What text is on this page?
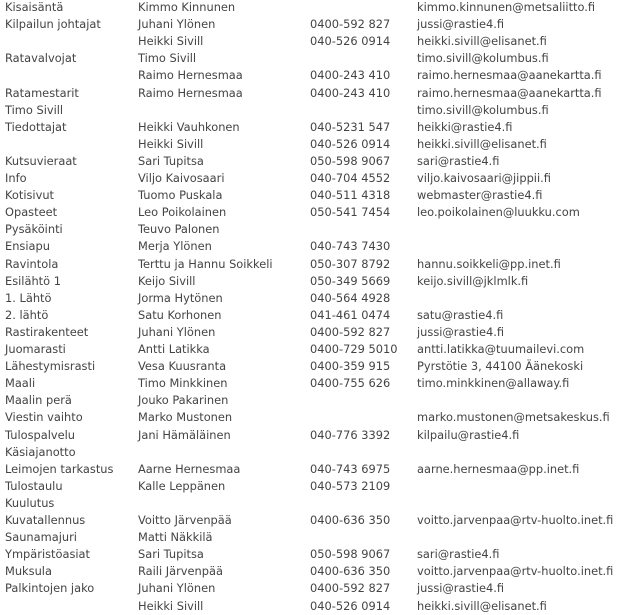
Kisaisäntä	Kimmo Kinnunen	kimmo.kinnunen@metsaliitto.fi
Kilpailun johtajat	Juhani Ylönen	0400-592 827 jussi@rastie4.fi
Heikki Sivill	040-526 0914 heikki.sivill@elisanet.fi
Ratavalvojat	Timo Sivill	timo.sivill@kolumbus.fi
Raimo Hernesmaa	0400-243 410 raimo.hernesmaa@aanekartta.fi
Ratamestarit	Raimo Hernesmaa	0400-243 410 raimo.hernesmaa@aanekartta.fi
Timo Sivill	timo.sivill@kolumbus.fi
Tiedottajat	Heikki Vauhkonen	040-5231 547 heikki@rastie4.fi
Heikki Sivill	040-526 0914 heikki.sivill@elisanet.fi
Kutsuvieraat	Sari Tupitsa	050-598 9067 sari@rastie4.fi
Info	Viljo Kaivosaari	040-704 4552 viljo.kaivosaari@jippii.fi
Kotisivut	Tuomo Puskala	040-511 4318 webmaster@rastie4.fi
Opasteet	Leo Poikolainen	050-541 7454 leo.poikolainen@luukku.com
Pysäköinti	Teuvo Palonen
Ensiapu	Merja Ylönen	040-743 7430
Ravintola	Terttu ja Hannu Soikkeli	050-307 8792 hannu.soikkeli@pp.inet.fi
Esilähtö 1	Keijo Sivill	050-349 5669 keijo.sivill@jklmlk.fi
1. Lähtö	Jorma Hytönen	040-564 4928
2. lähtö	Satu Korhonen	041-461 0474 satu@rastie4.fi
Rastirakenteet	Juhani Ylönen	0400-592 827 jussi@rastie4.fi
Juomarasti	Antti Latikka	0400-729 5010 antti.latikka@tuumailevi.com
Lähestymisrasti	Vesa Kuusranta	0400-359 915 Pyrstötie 3, 44100 Äänekoski
Maali	Timo Minkkinen	0400-755 626 timo.minkkinen@allaway.fi
Maalin perä	Jouko Pakarinen
Viestin vaihto	Marko Mustonen	marko.mustonen@metsakeskus.fi
Tulospalvelu	Jani Hämäläinen	040-776 3392 kilpailu@rastie4.fi
Käsiajanotto
Leimojen tarkastus Aarne Hernesmaa	040-743 6975 aarne.hernesmaa@pp.inet.fi
Tulostaulu	Kalle Leppänen	040-573 2109
Kuulutus
Kuvatallennus	Voitto Järvenpää	0400-636 350 voitto.jarvenpaa@rtv-huolto.inet.fi
Saunamajuri	Matti Näkkilä
Ympäristöasiat	Sari Tupitsa	050-598 9067 sari@rastie4.fi
Muksula	Raili Järvenpää	0400-636 350 voitto.jarvenpaa@rtv-huolto.inet.fi
Palkintojen jako	Juhani Ylönen	0400-592 827 jussi@rastie4.fi
Heikki Sivill	040-526 0914 heikki.sivill@elisanet.fi
